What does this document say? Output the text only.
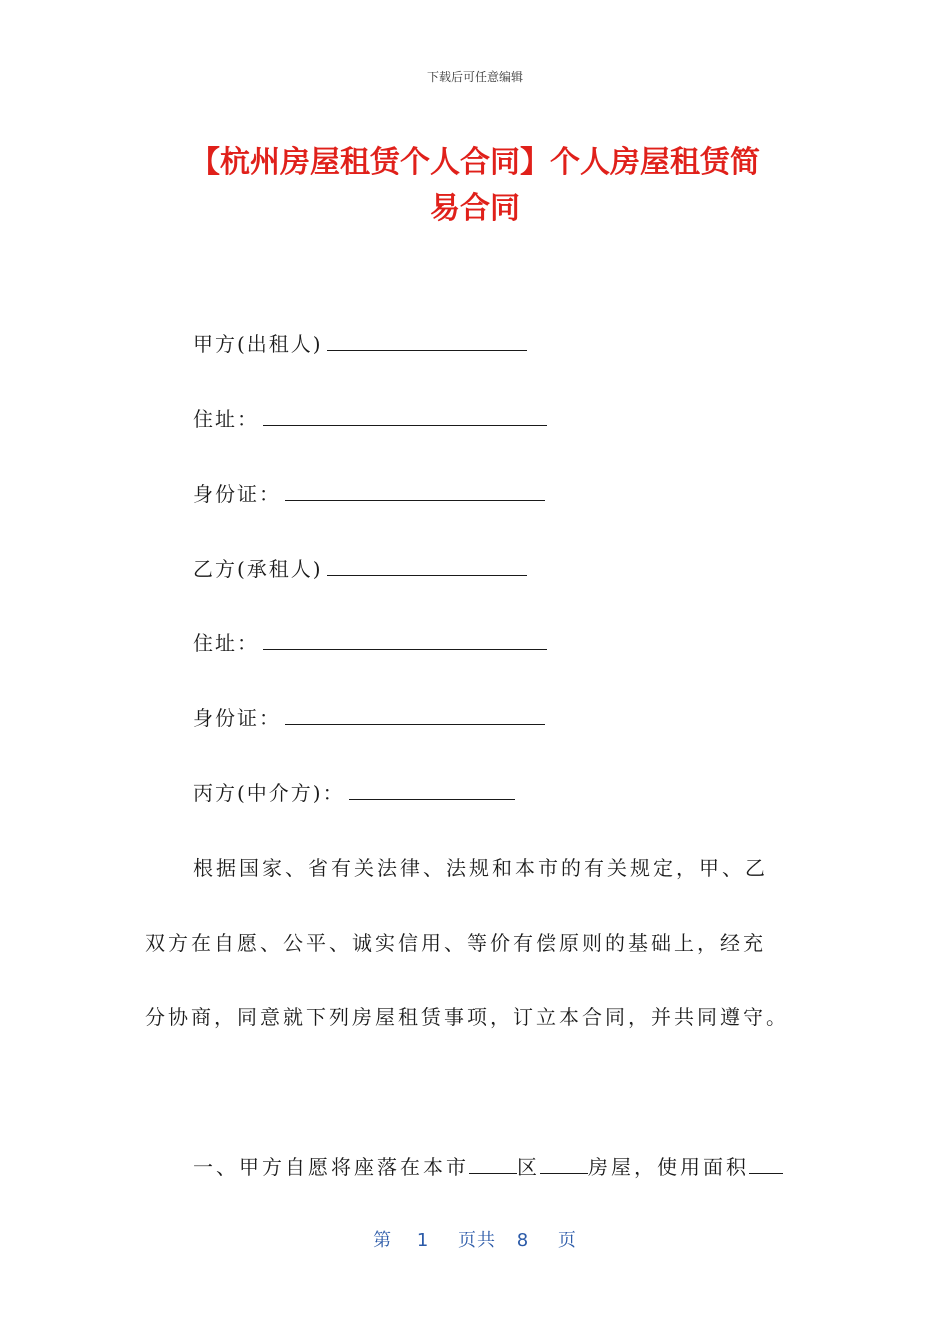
下载后可任意编辑
【杭州房屋租赁个人合同】个人房屋租赁简
易合同
甲方(出租人)
住址：
身份证：
乙方(承租人)
住址：
身份证：
丙方(中介方)：
根据国家、省有关法律、法规和本市的有关规定，甲、乙
双方在自愿、公平、诚实信用、等价有偿原则的基础上，经充
分协商，同意就下列房屋租赁事项，订立本合同，并共同遵守。
一、甲方自愿将座落在本市 区 房屋，使用面积
第 1 页共 8 页
